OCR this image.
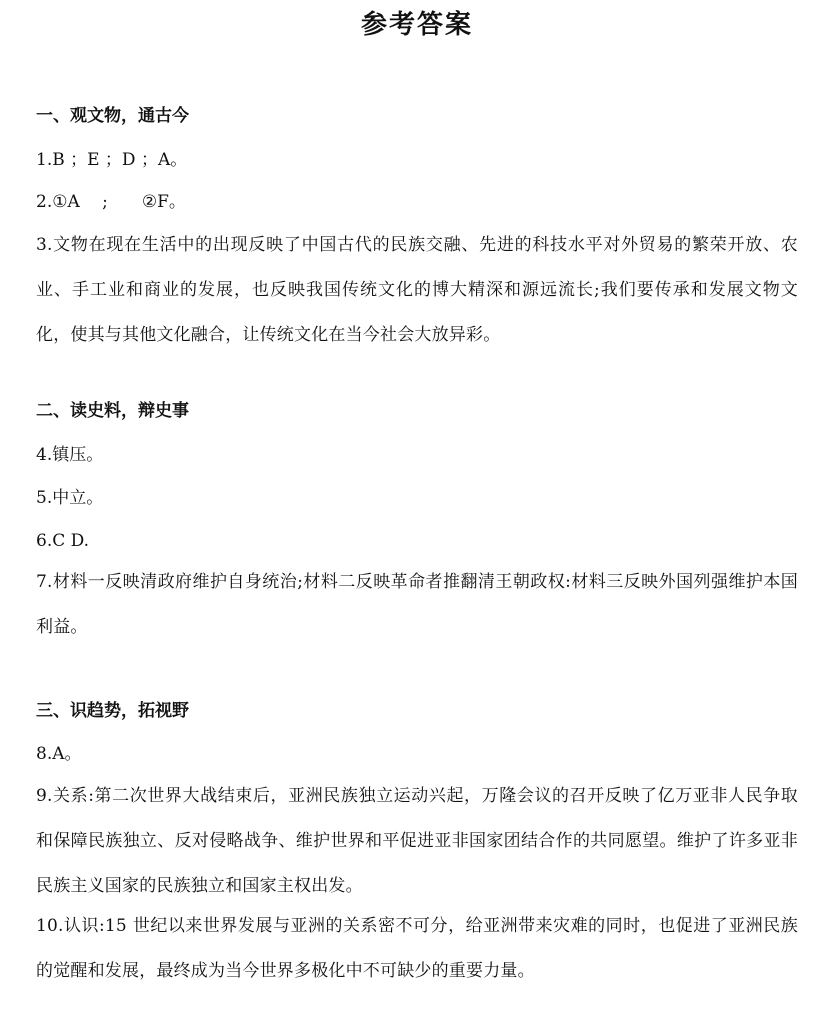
参考答案
一、观文物，通古今
1.B ；E ；D ；A。
2.①A　 ;　　②F。
3.文物在现在生活中的出现反映了中国古代的民族交融、先进的科技水平对外贸易的繁荣开放、农业、手工业和商业的发展，也反映我国传统文化的博大精深和源远流长;我们要传承和发展文物文化，使其与其他文化融合，让传统文化在当今社会大放异彩。
二、读史料，辩史事
4.镇压。
5.中立。
6.C D.
7.材料一反映清政府维护自身统治;材料二反映革命者推翻清王朝政权:材料三反映外国列强维护本国利益。
三、识趋势，拓视野
8.A。
9.关系:第二次世界大战结束后，亚洲民族独立运动兴起，万隆会议的召开反映了亿万亚非人民争取和保障民族独立、反对侵略战争、维护世界和平促进亚非国家团结合作的共同愿望。维护了许多亚非民族主义国家的民族独立和国家主权出发。
10.认识:15 世纪以来世界发展与亚洲的关系密不可分，给亚洲带来灾难的同时，也促进了亚洲民族的觉醒和发展，最终成为当今世界多极化中不可缺少的重要力量。
